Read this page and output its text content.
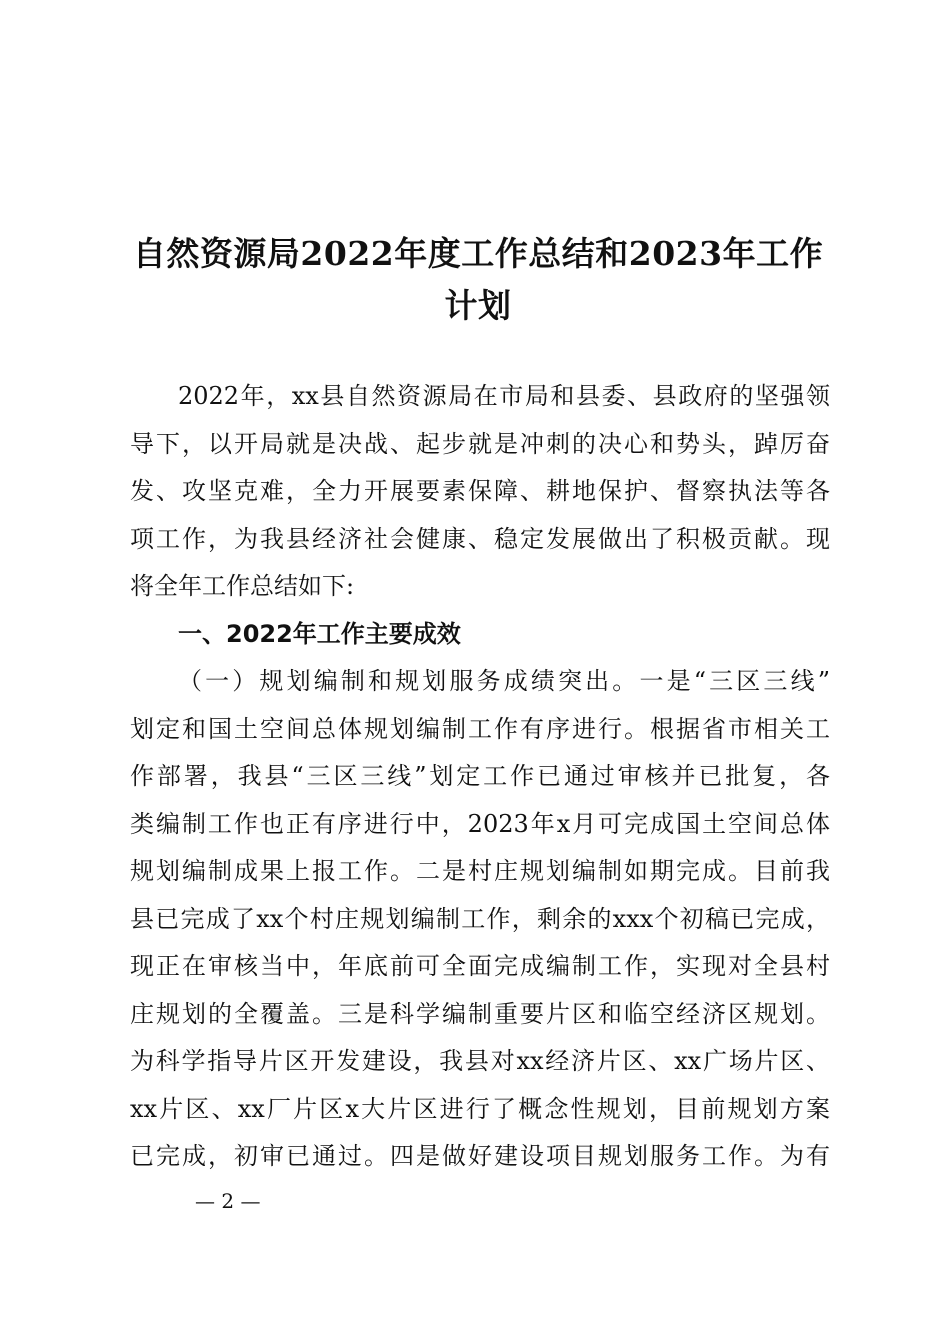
自然资源局2022年度工作总结和2023年工作
计划
2022年，xx县自然资源局在市局和县委、县政府的坚强领
导下，以开局就是决战、起步就是冲刺的决心和势头，踔厉奋
发、攻坚克难，全力开展要素保障、耕地保护、督察执法等各
项工作，为我县经济社会健康、稳定发展做出了积极贡献。现
将全年工作总结如下:
一、2022年工作主要成效
（一）规划编制和规划服务成绩突出。一是“三区三线”
划定和国土空间总体规划编制工作有序进行。根据省市相关工
作部署，我县“三区三线”划定工作已通过审核并已批复，各
类编制工作也正有序进行中，2023年x月可完成国土空间总体
规划编制成果上报工作。二是村庄规划编制如期完成。目前我
县已完成了xx个村庄规划编制工作，剩余的xxx个初稿已完成，
现正在审核当中，年底前可全面完成编制工作，实现对全县村
庄规划的全覆盖。三是科学编制重要片区和临空经济区规划。
为科学指导片区开发建设，我县对xx经济片区、xx广场片区、
xx片区、xx厂片区x大片区进行了概念性规划，目前规划方案
已完成，初审已通过。四是做好建设项目规划服务工作。为有
— 2 —
